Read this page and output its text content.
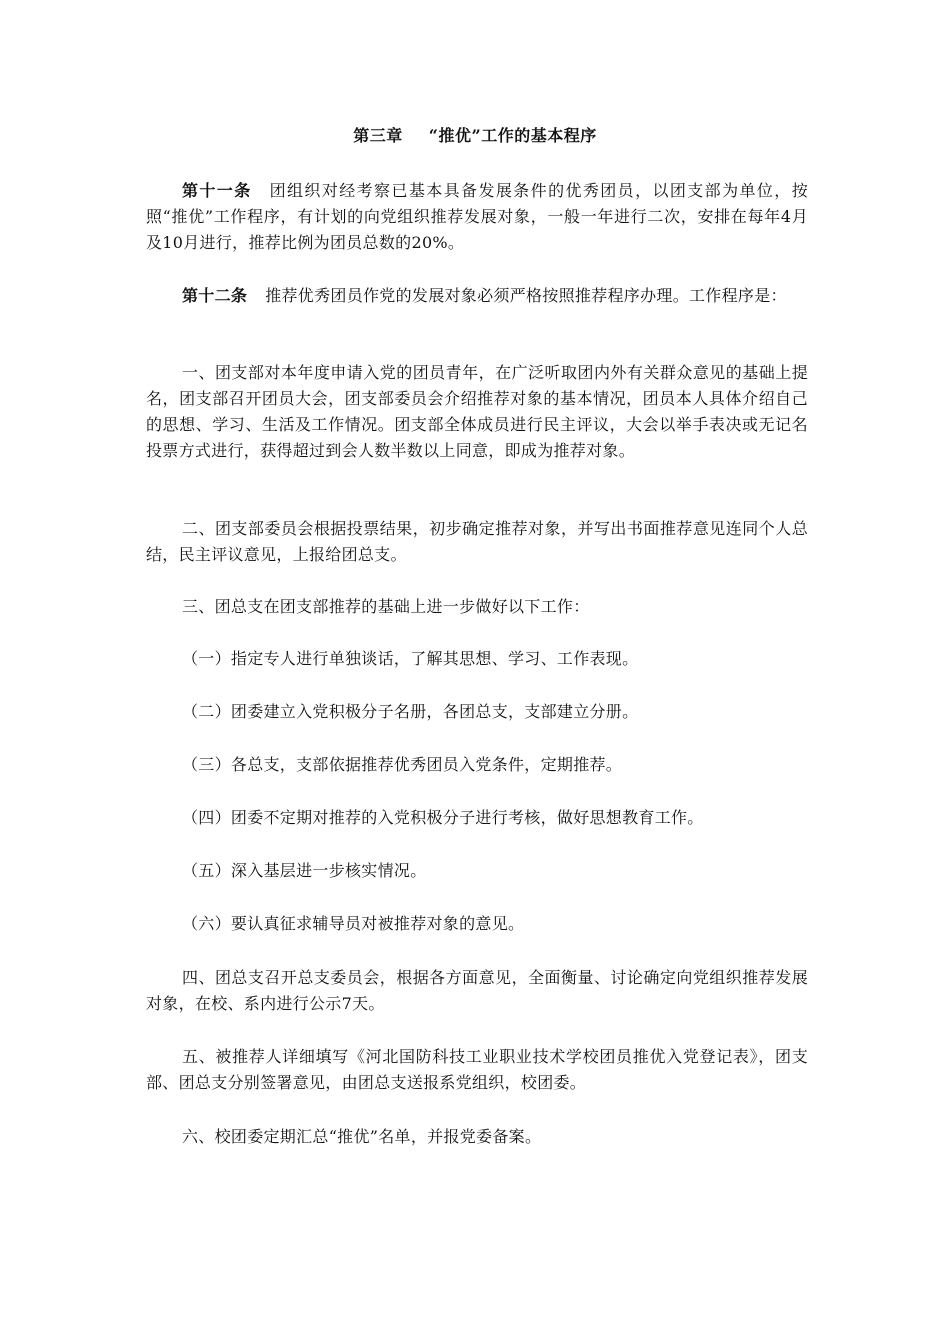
第三章 “推优”工作的基本程序
第十一条 团组织对经考察已基本具备发展条件的优秀团员，以团支部为单位，按照“推优”工作程序，有计划的向党组织推荐发展对象，一般一年进行二次，安排在每年4月及10月进行，推荐比例为团员总数的20%。
第十二条 推荐优秀团员作党的发展对象必须严格按照推荐程序办理。工作程序是：
一、团支部对本年度申请入党的团员青年，在广泛听取团内外有关群众意见的基础上提名，团支部召开团员大会，团支部委员会介绍推荐对象的基本情况，团员本人具体介绍自己的思想、学习、生活及工作情况。团支部全体成员进行民主评议，大会以举手表决或无记名投票方式进行，获得超过到会人数半数以上同意，即成为推荐对象。
二、团支部委员会根据投票结果，初步确定推荐对象，并写出书面推荐意见连同个人总结，民主评议意见，上报给团总支。
三、团总支在团支部推荐的基础上进一步做好以下工作：
（一）指定专人进行单独谈话，了解其思想、学习、工作表现。
（二）团委建立入党积极分子名册，各团总支，支部建立分册。
（三）各总支，支部依据推荐优秀团员入党条件，定期推荐。
（四）团委不定期对推荐的入党积极分子进行考核，做好思想教育工作。
（五）深入基层进一步核实情况。
（六）要认真征求辅导员对被推荐对象的意见。
四、团总支召开总支委员会，根据各方面意见，全面衡量、讨论确定向党组织推荐发展对象，在校、系内进行公示7天。
五、被推荐人详细填写《河北国防科技工业职业技术学校团员推优入党登记表》，团支部、团总支分别签署意见，由团总支送报系党组织，校团委。
六、校团委定期汇总“推优”名单，并报党委备案。
